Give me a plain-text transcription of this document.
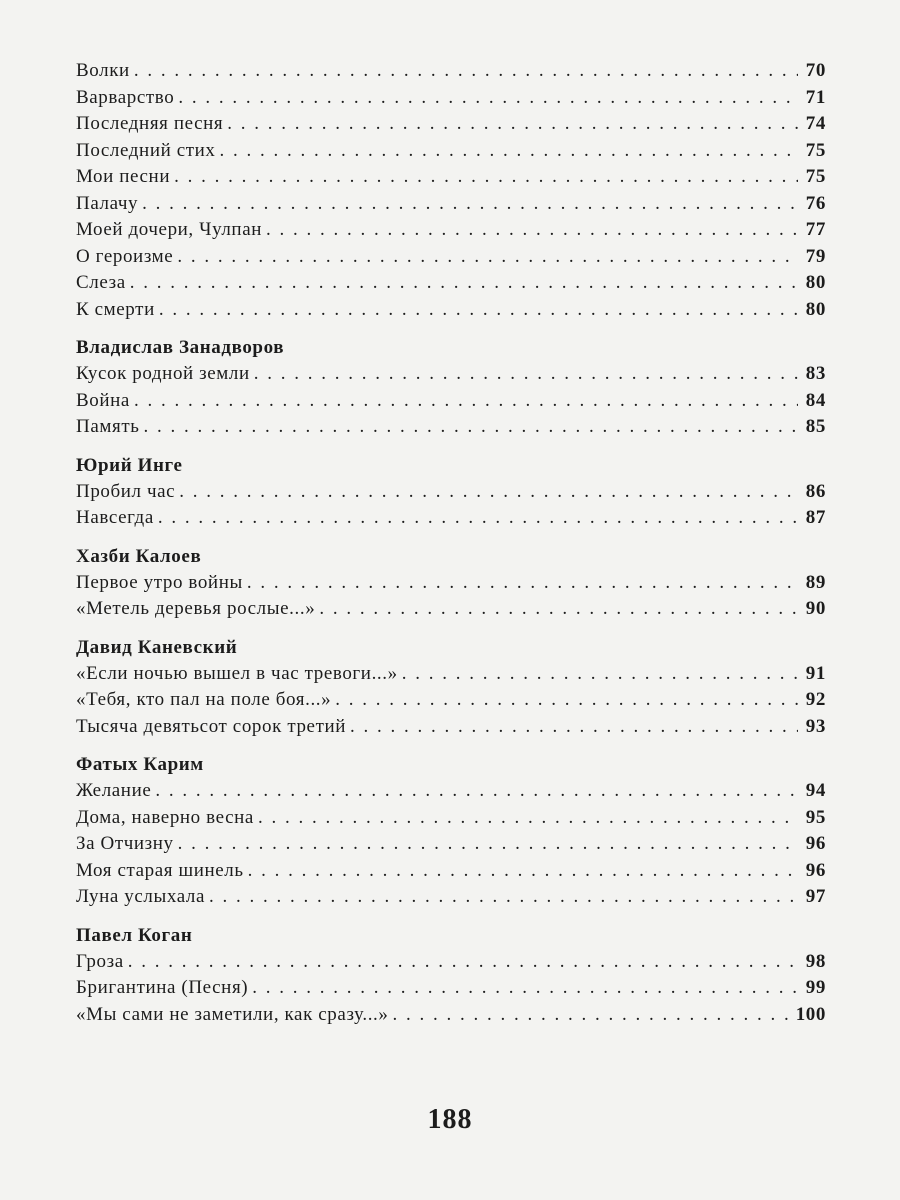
Волки . . .	70
Варварство . . .	71
Последняя песня . . .	74
Последний стих . . .	75
Мои песни . . .	75
Палачу . . .	76
Моей дочери, Чулпан . . .	77
О героизме . . .	79
Слеза . . .	80
К смерти . . .	80
Владислав Занадворов
Кусок родной земли . . .	83
Война . . .	84
Память . . .	85
Юрий Инге
Пробил час . . .	86
Навсегда . . .	87
Хазби Калоев
Первое утро войны . . .	89
«Метель деревья рослые...» . . .	90
Давид Каневский
«Если ночью вышел в час тревоги...» . . .	91
«Тебя, кто пал на поле боя...» . . .	92
Тысяча девятьсот сорок третий . . .	93
Фатых Карим
Желание . . .	94
Дома, наверно весна . . .	95
За Отчизну . . .	96
Моя старая шинель . . .	96
Луна услыхала . . .	97
Павел Коган
Гроза . . .	98
Бригантина (Песня) . . .	99
«Мы сами не заметили, как сразу...» . . .	100
188
